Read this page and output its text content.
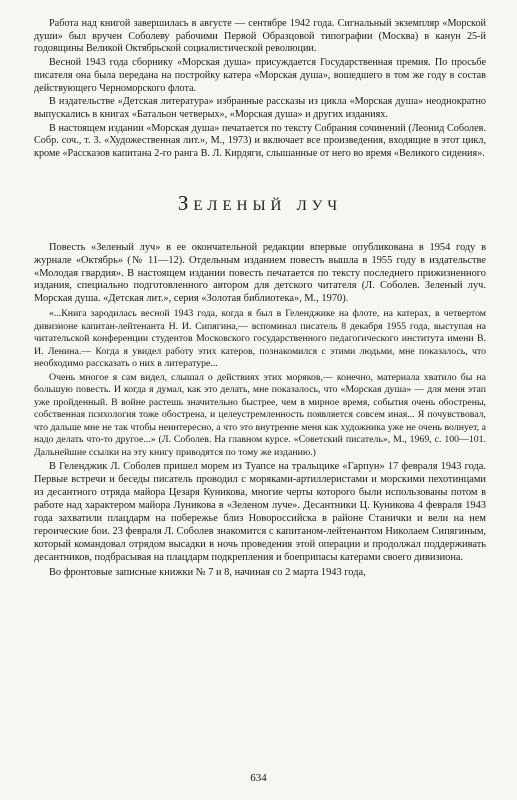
Работа над книгой завершилась в августе — сентябре 1942 года. Сигнальный экземпляр «Морской души» был вручен Соболеву рабочими Первой Образцовой типографии (Москва) в канун 25-й годовщины Великой Октябрьской социалистической революции.

Весной 1943 года сборнику «Морская душа» присуждается Государственная премия. По просьбе писателя она была передана на постройку катера «Морская душа», вошедшего в том же году в состав действующего Черноморского флота.

В издательстве «Детская литература» избранные рассказы из цикла «Морская душа» неоднократно выпускались в книгах «Батальон четверых», «Морская душа» и других изданиях.

В настоящем издании «Морская душа» печатается по тексту Собрания сочинений (Леонид Соболев. Собр. соч., т. 3. «Художественная лит.», М., 1973) и включает все произведения, входящие в этот цикл, кроме «Рассказов капитана 2-го ранга В. Л. Кирдяги, слышанные от него во время «Великого сидения».

Зеленый луч

Повесть «Зеленый луч» в ее окончательной редакции впервые опубликована в 1954 году в журнале «Октябрь» (№ 11—12). Отдельным изданием повесть вышла в 1955 году в издательстве «Молодая гвардия». В настоящем издании повесть печатается по тексту последнего прижизненного издания, специально подготовленного автором для детского читателя (Л. Соболев. Зеленый луч. Морская душа. «Детская лит.», серия «Золотая библиотека», М., 1970).

«...Книга зародилась весной 1943 года, когда я был в Геленджике на флоте, на катерах, в четвертом дивизионе капитан-лейтенанта Н. И. Сипягина,— вспоминал писатель 8 декабря 1955 года, выступая на читательской конференции студентов Московского государственного педагогического института имени В. И. Ленина.— Когда я увидел работу этих катеров, познакомился с этими людьми, мне показалось, что необходимо рассказать о них в литературе...

Очень многое я сам видел, слышал о действиях этих моряков,— конечно, материала хватило бы на большую повесть. И когда я думал, как это делать, мне показалось, что «Морская душа» — для меня этап уже пройденный. В войне растешь значительно быстрее, чем в мирное время, события очень обострены, собственная психология тоже обострена, и целеустремленность появляется совсем иная... Я почувствовал, что дальше мне не так чтобы неинтересно, а что это внутренне меня как художника уже не очень волнует, а надо делать что-то другое...» (Л. Соболев. На главном курсе. «Советский писатель», М., 1969, с. 100—101. Дальнейшие ссылки на эту книгу приводятся по тому же изданию.)

В Геленджик Л. Соболев пришел морем из Туапсе на тральщике «Гарпун» 17 февраля 1943 года. Первые встречи и беседы писатель проводил с моряками-артиллеристами и морскими пехотинцами из десантного отряда майора Цезаря Куникова, многие черты которого были использованы потом в работе над характером майора Луникова в «Зеленом луче». Десантники Ц. Куникова 4 февраля 1943 года захватили плацдарм на побережье близ Новороссийска в районе Станички и вели на нем героические бои. 23 февраля Л. Соболев знакомится с капитаном-лейтенантом Николаем Сипягиным, который командовал отрядом высадки в ночь проведения этой операции и продолжал поддерживать десантников, подбрасывая на плацдарм подкрепления и боеприпасы катерами своего дивизиона.

Во фронтовые записные книжки № 7 и 8, начиная со 2 марта 1943 года,

634
